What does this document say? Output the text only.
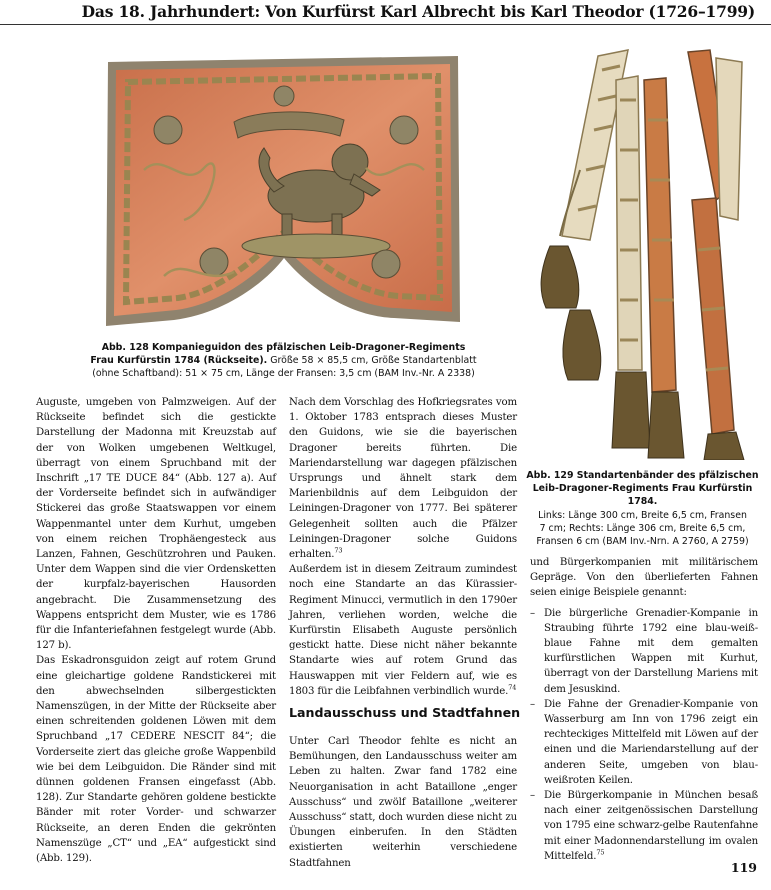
Das 18. Jahrhundert: Von Kurfürst Karl Albrecht bis Karl Theodor (1726–1799)
Abb. 128 Kompanieguidon des pfälzischen Leib-Dragoner-Regiments
Frau Kurfürstin 1784 (Rückseite). Größe 58 × 85,5 cm, Größe Standartenblatt
(ohne Schaftband): 51 × 75 cm, Länge der Fransen: 3,5 cm (BAM Inv.-Nr. A 2338)
Abb. 129 Standartenbänder des pfälzischen
Leib-Dragoner-Regiments Frau Kurfürstin 1784.
Links: Länge 300 cm, Breite 6,5 cm, Fransen
7 cm; Rechts: Länge 306 cm, Breite 6,5 cm,
Fransen 6 cm (BAM Inv.-Nrn. A 2760, A 2759)

Auguste, umgeben von Palmzweigen. Auf der Rückseite befindet sich die gestickte Darstellung der Madonna mit Kreuzstab auf der von Wolken umgebenen Weltkugel, überragt von einem Spruchband mit der Inschrift „17 TE DUCE 84“ (Abb. 127 a). Auf der Vorderseite befindet sich in aufwändiger Stickerei das große Staatswappen vor einem Wappenmantel unter dem Kurhut, umgeben von einem reichen Trophäengesteck aus Lanzen, Fahnen, Geschützrohren und Pauken. Unter dem Wappen sind die vier Ordensketten der kurpfalz-bayerischen Hausorden angebracht. Die Zusammensetzung des Wappens entspricht dem Muster, wie es 1786 für die Infanteriefahnen festgelegt wurde (Abb. 127 b).

Das Eskadronsguidon zeigt auf rotem Grund eine gleichartige goldene Randstickerei mit den abwechselnden silbergestickten Namenszügen, in der Mitte der Rückseite aber einen schreitenden goldenen Löwen mit dem Spruchband „17 CEDERE NESCIT 84“; die Vorderseite ziert das gleiche große Wappenbild wie bei dem Leibguidon. Die Ränder sind mit dünnen goldenen Fransen eingefasst (Abb. 128). Zur Standarte gehören goldene bestickte Bänder mit roter Vorder- und schwarzer Rückseite, an deren Enden die gekrönten Namenszüge „CT“ und „EA“ aufgestickt sind (Abb. 129).

Nach dem Vorschlag des Hofkriegsrates vom 1. Oktober 1783 entsprach dieses Muster den Guidons, wie sie die bayerischen Dragoner bereits führten. Die Mariendarstellung war dagegen pfälzischen Ursprungs und ähnelt stark dem Marienbildnis auf dem Leibguidon der Leiningen-Dragoner von 1777. Bei späterer Gelegenheit sollten auch die Pfälzer Leiningen-Dragoner solche Guidons erhalten.$^{73}$

Außerdem ist in diesem Zeitraum zumindest noch eine Standarte an das Kürassier-Regiment Minucci, vermutlich in den 1790er Jahren, verliehen worden, welche die Kurfürstin Elisabeth Auguste persönlich gestickt hatte. Diese nicht näher bekannte Standarte wies auf rotem Grund das Hauswappen mit vier Feldern auf, wie es 1803 für die Leibfahnen verbindlich wurde.$^{74}$

Landausschuss und Stadtfahnen

Unter Carl Theodor fehlte es nicht an Bemühungen, den Landausschuss weiter am Leben zu halten. Zwar fand 1782 eine Neuorganisation in acht Bataillone „enger Ausschuss“ und zwölf Bataillone „weiterer Ausschuss“ statt, doch wurden diese nicht zu Übungen einberufen. In den Städten existierten weiterhin verschiedene Stadtfahnen

und Bürgerkompanien mit militärischem Gepräge. Von den überlieferten Fahnen seien einige Beispiele genannt:

– Die bürgerliche Grenadier-Kompanie in Straubing führte 1792 eine blau-weiß-blaue Fahne mit dem gemalten kurfürstlichen Wappen mit Kurhut, überragt von der Darstellung Mariens mit dem Jesuskind.
– Die Fahne der Grenadier-Kompanie von Wasserburg am Inn von 1796 zeigt ein rechteckiges Mittelfeld mit Löwen auf der einen und die Mariendarstellung auf der anderen Seite, umgeben von blau-weißroten Keilen.
– Die Bürgerkompanie in München besaß nach einer zeitgenössischen Darstellung von 1795 eine schwarz-gelbe Rautenfahne mit einer Madonnendarstellung im ovalen Mittelfeld.$^{75}$
119
